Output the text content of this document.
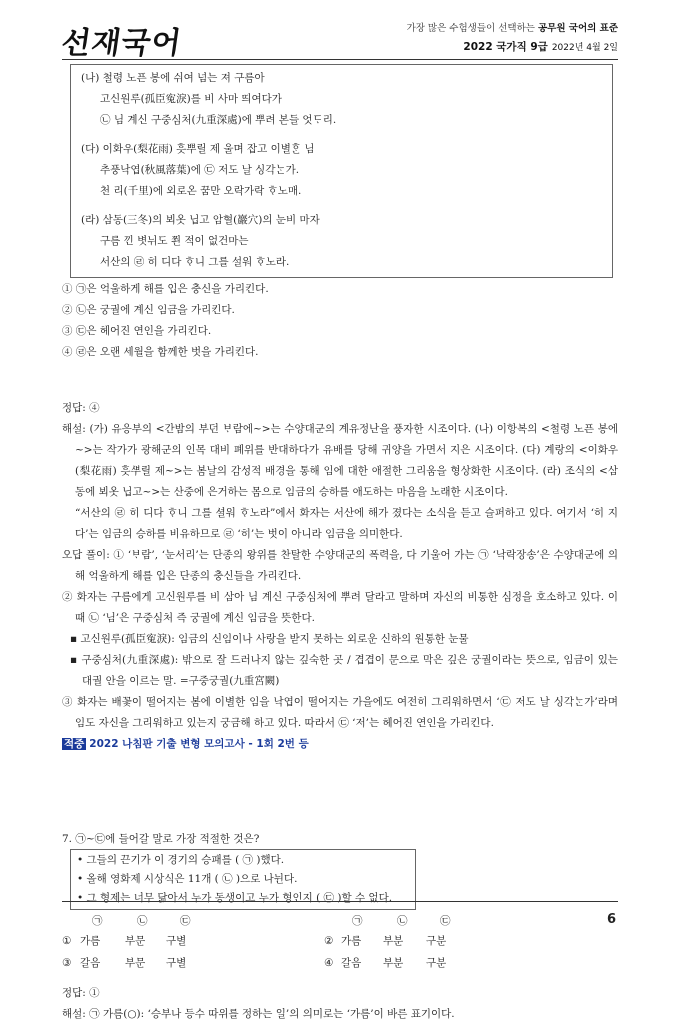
선재국어	가장 많은 수험생들이 선택하는 공무원 국어의 표준
2022 국가직 9급 2022년 4월 2일
(나) 철령 노픈 봉에 쉬여 넘는 져 구름아
고신원루(孤臣寃淚)를 비 사마 띄여다가
㉡ 님 계신 구중심처(九重深處)에 뿌려 본들 엇ᄃᆞ리.
(다) 이화우(梨花雨) 흣뿌릴 제 울며 잡고 이별ᄒᆞᆫ 님
추풍낙엽(秋風落葉)에 ㉢ 저도 날 싱각ᄂᆞᆫ가.
천 리(千里)에 외로온 꿈만 오락가락 ᄒᆞ노매.
(라) 삼동(三冬)의 뵈옷 닙고 암혈(巖穴)의 눈비 마자
구름 낀 볏뉘도 쬔 적이 없건마는
서산의 ㉣ 히 디다 ᄒᆞ니 그를 설워 ᄒᆞ노라.
① ㉠은 억울하게 해를 입은 충신을 가리킨다.
② ㉡은 궁궐에 계신 임금을 가리킨다.
③ ㉢은 헤어진 연인을 가리킨다.
④ ㉣은 오랜 세월을 함께한 벗을 가리킨다.
정답: ④
해설: (가) 유응부의 <간밤의 부던 ᄇᆞ람에~>는 수양대군의 계유정난을 풍자한 시조이다. (나) 이항복의 <철령 노픈 봉에~>는 작가가 광해군의 인목 대비 폐위를 반대하다가 유배를 당해 귀양을 가면서 지은 시조이다. (다) 계랑의 <이화우(梨花雨) 흣ᄲᅮ릴 제~>는 봄날의 감성적 배경을 통해 임에 대한 애절한 그리움을 형상화한 시조이다. (라) 조식의 <삼동에 뵈옷 닙고~>는 산중에 은거하는 몸으로 임금의 승하를 애도하는 마음을 노래한 시조이다.
“서산의 ㉣ 히 디다 ᄒᆞ니 그를 셜워 ᄒᆞ노라”에서 화자는 서산에 해가 졌다는 소식을 듣고 슬퍼하고 있다. 여기서 ‘히 지다’는 임금의 승하를 비유하므로 ㉣ ‘히’는 벗이 아니라 임금을 의미한다.
오답 풀이: ① ‘ᄇᆞ람’, ‘눈서리’는 단종의 왕위를 찬탈한 수양대군의 폭력을, 다 기울어 가는 ㉠ ‘낙락장송’은 수양대군에 의해 억울하게 해를 입은 단종의 충신들을 가리킨다.
② 화자는 구름에게 고신원루를 비 삼아 님 계신 구중심처에 뿌려 달라고 말하며 자신의 비통한 심정을 호소하고 있다. 이때 ㉡ ‘님’은 구중심처 즉 궁궐에 계신 임금을 뜻한다.
▪ 고신원루(孤臣寃淚): 임금의 신임이나 사랑을 받지 못하는 외로운 신하의 원통한 눈물
▪ 구중심처(九重深處): 밖으로 잘 드러나지 않는 깊숙한 곳 / 겹겹이 문으로 막은 깊은 궁궐이라는 뜻으로, 임금이 있는 대궐 안을 이르는 말. =구중궁궐(九重宮闕)
③ 화자는 배꽃이 떨어지는 봄에 이별한 임을 낙엽이 떨어지는 가을에도 여전히 그리워하면서 ‘㉢ 저도 날 싱각ᄂᆞᆫ가’라며 임도 자신을 그리워하고 있는지 궁금해 하고 있다. 따라서 ㉢ ‘저’는 헤어진 연인을 가리킨다.
적중 2022 나침판 기출 변형 모의고사 - 1회 2번 등
7. ㉠~㉢에 들어갈 말로 가장 적절한 것은?
• 그들의 끈기가 이 경기의 승패를 ( ㉠ )했다.
• 올해 영화제 시상식은 11개 ( ㉡ )으로 나뉜다.
• 그 형제는 너무 닮아서 누가 동생이고 누가 형인지 ( ㉢ )할 수 없다.
㉠	㉡	㉢	㉠	㉡	㉢
① 가름 부문 구별	② 가름 부분 구분
③ 갈음 부문 구별	④ 갈음 부분 구분
정답: ①
해설: ㉠ 가름(○): ‘승부나 등수 따위를 정하는 일’의 의미로는 ‘가름’이 바른 표기이다.
6
